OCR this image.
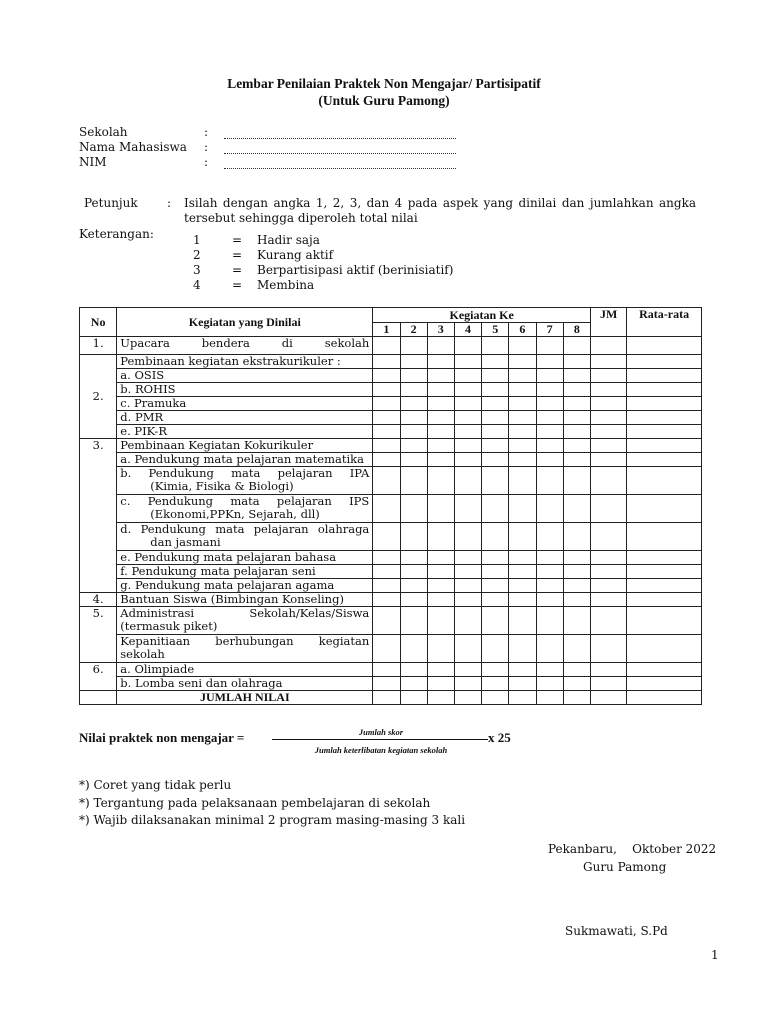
Lembar Penilaian Praktek Non Mengajar/ Partisipatif
(Untuk Guru Pamong)
Sekolah	:
Nama Mahasiswa :
NIM	:
Petunjuk : Isilah dengan angka 1, 2, 3, dan 4 pada aspek yang dinilai dan jumlahkan angka
tersebut sehingga diperoleh total nilai
Keterangan:	1	= Hadir saja
2	= Kurang aktif
3	= Berpartisipasi aktif (berinisiatif)
4	= Membina
No	Kegiatan yang Dinilai	Kegiatan Ke								JM	Rata-rata
		1	2	3	4	5	6	7	8		
1.	Upacara bendera di sekolah										
2.	Pembinaan kegiatan ekstrakurikuler :										
	a. OSIS										
	b. ROHIS										
	c. Pramuka										
	d. PMR										
	e. PIK-R										
3.	Pembinaan Kegiatan Kokurikuler										
	a. Pendukung mata pelajaran matematika										

	b. Pendukung mata pelajaran IPA
(Kimia, Fisika & Biologi)										

	c. Pendukung mata pelajaran IPS
(Ekonomi,PPKn, Sejarah, dll)										

	d. Pendukung mata pelajaran olahraga
dan jasmani										

	e. Pendukung mata pelajaran bahasa										
	f. Pendukung mata pelajaran seni										
	g. Pendukung mata pelajaran agama										
4.	Bantuan Siswa (Bimbingan Konseling)										
5.	Administrasi Sekolah/Kelas/Siswa
(termasuk piket)										

	Kepanitiaan berhubungan kegiatan
sekolah										

6.	a. Olimpiade										
	b. Lomba seni dan olahraga										
	JUMLAH NILAI										
Nilai praktek non mengajar =	Jumlah skor
Jumlah keterlibatan kegiatan sekolah
x 25
*) Coret yang tidak perlu
*) Tergantung pada pelaksanaan pembelajaran di sekolah
*) Wajib dilaksanakan minimal 2 program masing-masing 3 kali
Pekanbaru,    Oktober 2022
Guru Pamong
Sukmawati, S.Pd
1
